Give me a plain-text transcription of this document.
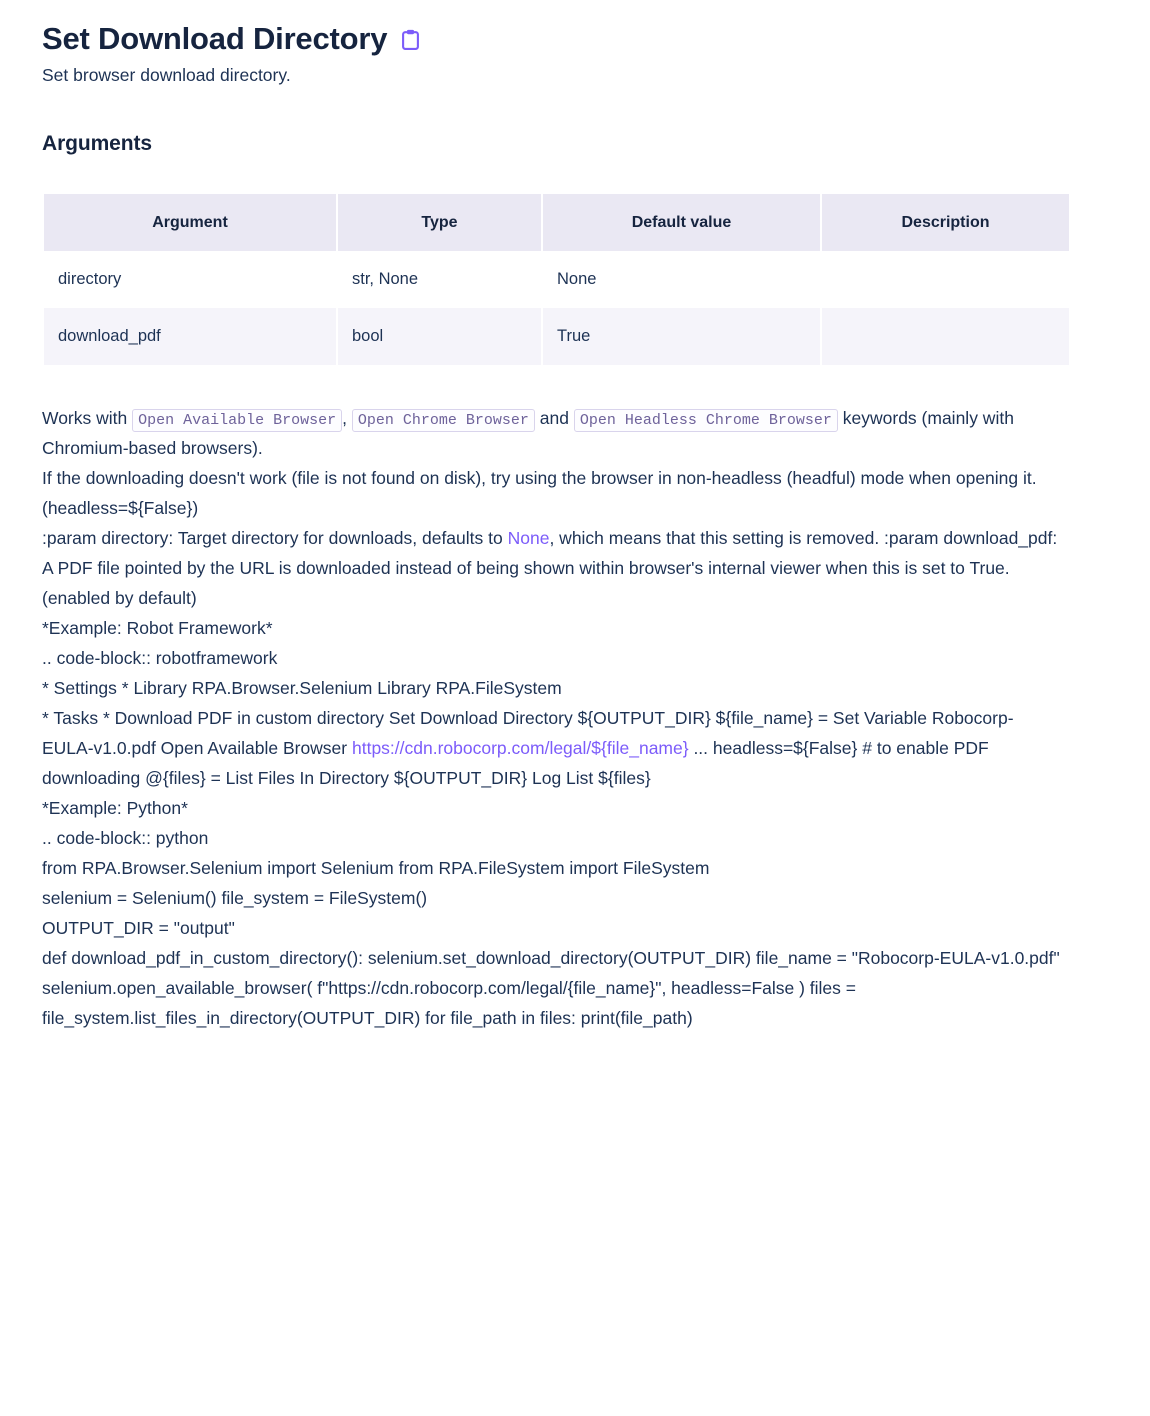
Set Download Directory

Set browser download directory.

Arguments
Argument	Type	Default value	Description
directory	str, None	None	
download_pdf	bool	True	

Works with Open Available Browser , Open Chrome Browser and Open Headless Chrome Browser keywords (mainly with Chromium-based browsers).

If the downloading doesn't work (file is not found on disk), try using the browser in non-headless (headful) mode when opening it. (headless=${False})

:param directory: Target directory for downloads, defaults to None, which means that this setting is removed. :param download_pdf: A PDF file pointed by the URL is downloaded instead of being shown within browser's internal viewer when this is set to True. (enabled by default)

*Example: Robot Framework*

.. code-block:: robotframework

* Settings * Library RPA.Browser.Selenium Library RPA.FileSystem

* Tasks * Download PDF in custom directory Set Download Directory ${OUTPUT_DIR} ${file_name} = Set Variable Robocorp-EULA-v1.0.pdf Open Available Browser https://cdn.robocorp.com/legal/${file_name} ... headless=${False} # to enable PDF downloading @{files} = List Files In Directory ${OUTPUT_DIR} Log List ${files}

*Example: Python*

.. code-block:: python

from RPA.Browser.Selenium import Selenium from RPA.FileSystem import FileSystem

selenium = Selenium() file_system = FileSystem()

OUTPUT_DIR = "output"

def download_pdf_in_custom_directory(): selenium.set_download_directory(OUTPUT_DIR) file_name = "Robocorp-EULA-v1.0.pdf" selenium.open_available_browser( f"https://cdn.robocorp.com/legal/{file_name}", headless=False ) files = file_system.list_files_in_directory(OUTPUT_DIR) for file_path in files: print(file_path)
